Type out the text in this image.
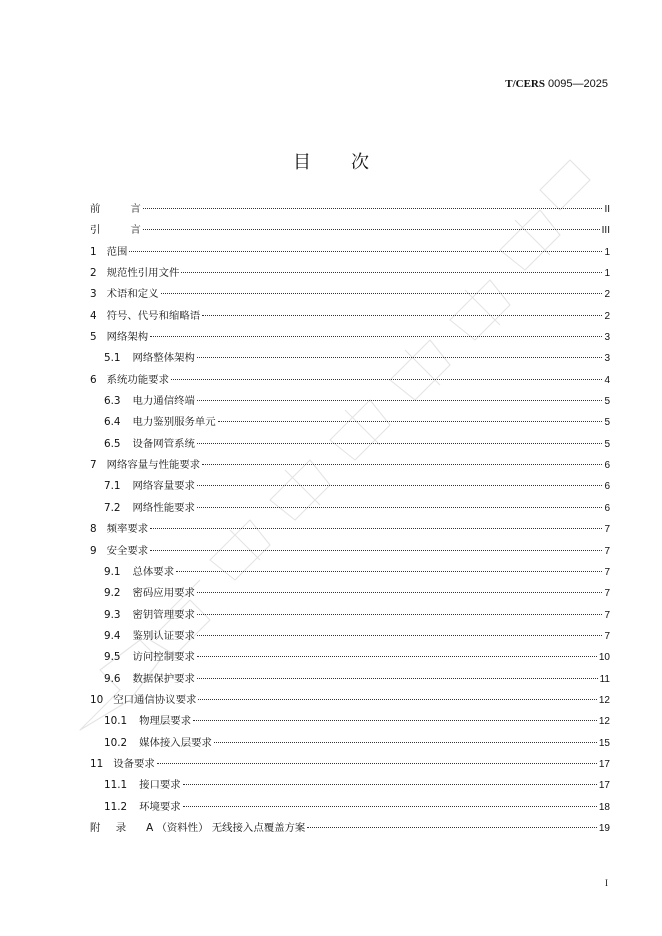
T/CERS 0095—2025
目次
前	言	II
引	言	III
1 范围	1
2 规范性引用文件	1
3 术语和定义	2
4 符号、代号和缩略语	2
5 网络架构	3
5.1 网络整体架构	3
6 系统功能要求	4
6.3 电力通信终端	5
6.4 电力鉴别服务单元	5
6.5 设备网管系统	5
7 网络容量与性能要求	6
7.1 网络容量要求	6
7.2 网络性能要求	6
8 频率要求	7
9 安全要求	7
9.1 总体要求	7
9.2 密码应用要求	7
9.3 密钥管理要求	7
9.4 鉴别认证要求	7
9.5 访问控制要求	10
9.6 数据保护要求	11
10 空口通信协议要求	12
10.1 物理层要求	12
10.2 媒体接入层要求	15
11 设备要求	17
11.1 接口要求	17
11.2 环境要求	18
附 录 A （资料性） 无线接入点覆盖方案	19
I
